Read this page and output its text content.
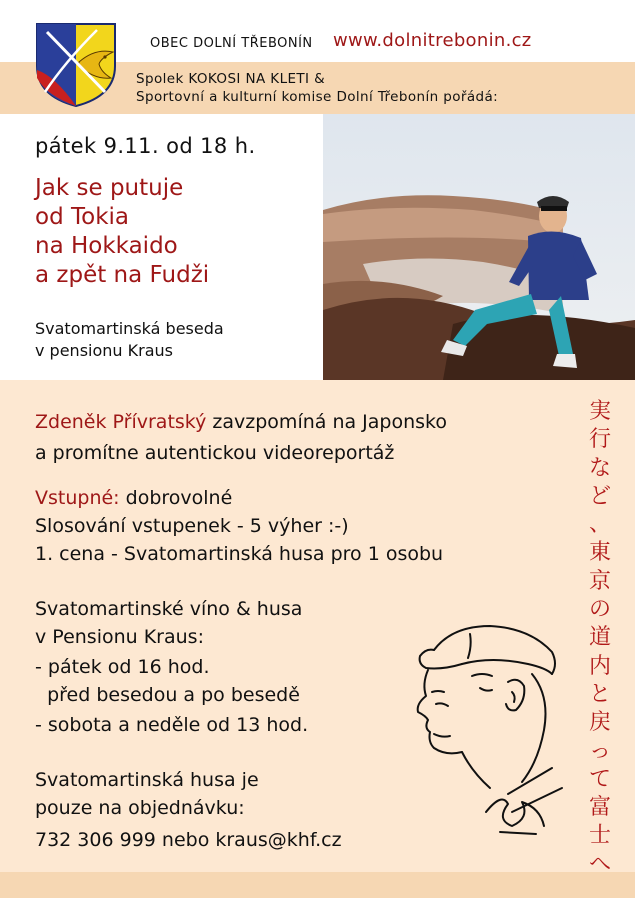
OBEC DOLNÍ TŘEBONÍN www.dolnitrebonin.cz
Spolek KOKOSI NA KLETI &
Sportovní a kulturní komise Dolní Třebonín pořádá:
pátek 9.11. od 18 h.
Jak se putuje
od Tokia
na Hokkaido
a zpět na Fudži
Svatomartinská beseda
v pensionu Kraus
Zdeněk Přívratský zavzpomíná na Japonsko
a promítne autentickou videoreportáž
Vstupné: dobrovolné
Slosování vstupenek - 5 výher :-)
1. cena - Svatomartinská husa pro 1 osobu
Svatomartinské víno & husa
v Pensionu Kraus:
- pátek od 16 hod.
před besedou a po besedě
- sobota a neděle od 13 hod.
Svatomartinská husa je
pouze na objednávku:
732 306 999 nebo kraus@khf.cz
実
行
な
ど
、
東
京
の
道
内
と
戻
っ
て
富
士
へ
